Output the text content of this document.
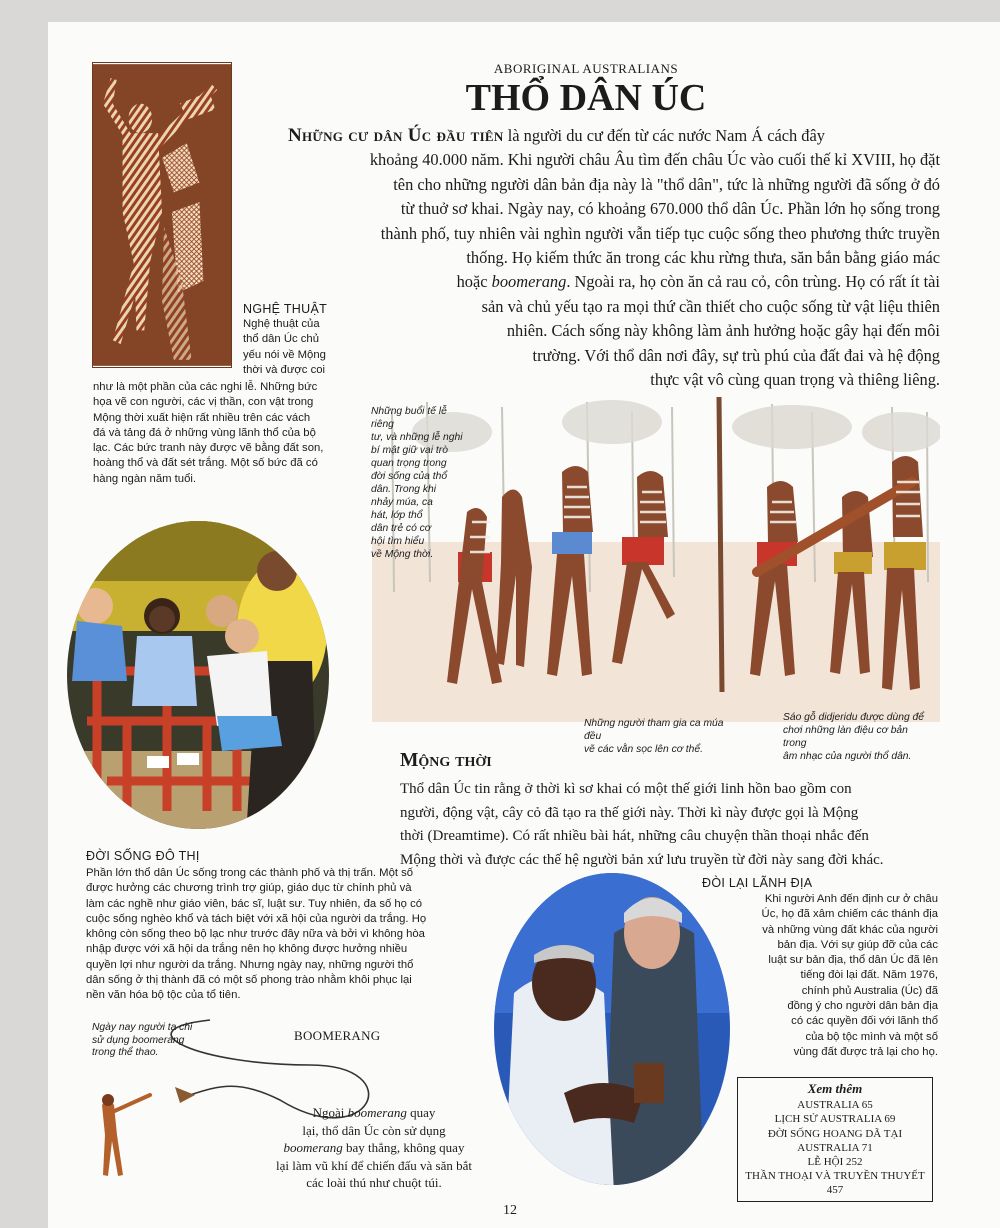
ABORIGINAL AUSTRALIANS
THỔ DÂN ÚC

Những cư dân Úc đầu tiên là người du cư đến từ các nước Nam Á cách đây

khoảng 40.000 năm. Khi người châu Âu tìm đến châu Úc vào cuối thế kỉ XVIII, họ đặt

tên cho những người dân bản địa này là "thổ dân", tức là những người đã sống ở đó

từ thuở sơ khai. Ngày nay, có khoảng 670.000 thổ dân Úc. Phần lớn họ sống trong

thành phố, tuy nhiên vài nghìn người vẫn tiếp tục cuộc sống theo phương thức truyền

thống. Họ kiếm thức ăn trong các khu rừng thưa, săn bắn bằng giáo mác

hoặc boomerang. Ngoài ra, họ còn ăn cả rau cỏ, côn trùng. Họ có rất ít tài

sản và chủ yếu tạo ra mọi thứ cần thiết cho cuộc sống từ vật liệu thiên

nhiên. Cách sống này không làm ảnh hưởng hoặc gây hại đến môi

trường. Với thổ dân nơi đây, sự trù phú của đất đai và hệ động

thực vật vô cùng quan trọng và thiêng liêng.

NGHỆ THUẬT
Nghệ thuật của
thổ dân Úc chủ
yếu nói về Mộng
thời và được coi
như là một phần của các nghi lễ. Những bức
họa vẽ con người, các vị thần, con vật trong
Mộng thời xuất hiện rất nhiều trên các vách
đá và tảng đá ở những vùng lãnh thổ của bộ
lạc. Các bức tranh này được vẽ bằng đất son,
hoàng thổ và đất sét trắng. Một số bức đã có
hàng ngàn năm tuổi.
Những buổi tế lễ riêng
tư, và những lễ nghi
bí mật giữ vai trò
quan trọng trong
đời sống của thổ
dân. Trong khi
nhảy múa, ca
hát, lớp thổ
dân trẻ có cơ
hội tìm hiểu
về Mộng thời.
Những người tham gia ca múa đều
vẽ các vằn sọc lên cơ thể.
Sáo gỗ didjeridu được dùng để
chơi những làn điệu cơ bản trong
âm nhạc của người thổ dân.
Mộng thời
Thổ dân Úc tin rằng ở thời kì sơ khai có một thế giới linh hồn bao gồm con
người, động vật, cây cỏ đã tạo ra thế giới này. Thời kì này được gọi là Mộng
thời (Dreamtime). Có rất nhiều bài hát, những câu chuyện thần thoại nhắc đến
Mộng thời và được các thế hệ người bản xứ lưu truyền từ đời này sang đời khác.
ĐỜI SỐNG ĐÔ THỊ
Phần lớn thổ dân Úc sống trong các thành phố và thị trấn. Một số
được hưởng các chương trình trợ giúp, giáo dục từ chính phủ và
làm các nghề như giáo viên, bác sĩ, luật sư. Tuy nhiên, đa số họ có
cuộc sống nghèo khổ và tách biệt với xã hội của người da trắng. Họ
không còn sống theo bộ lạc như trước đây nữa và bởi vì không hòa
nhập được với xã hội da trắng nên họ không được hưởng nhiều
quyền lợi như người da trắng. Nhưng ngày nay, những người thổ
dân sống ở thị thành đã có một số phong trào nhằm khôi phục lại
nền văn hóa bộ tộc của tổ tiên.
Ngày nay người ta chỉ
sử dụng boomerang
trong thể thao.
BOOMERANG
Ngoài boomerang quay
lại, thổ dân Úc còn sử dụng
boomerang bay thẳng, không quay
lại làm vũ khí để chiến đấu và săn bắt
các loài thú như chuột túi.
ĐÒI LẠI LÃNH ĐỊA
Khi người Anh đến định cư ở châu
Úc, họ đã xâm chiếm các thánh địa
và những vùng đất khác của người
bản địa. Với sự giúp đỡ của các
luật sư bản địa, thổ dân Úc đã lên
tiếng đòi lại đất. Năm 1976,
chính phủ Australia (Úc) đã
đồng ý cho người dân bản địa
có các quyền đối với lãnh thổ
của bộ tộc mình và một số
vùng đất được trả lại cho họ.
Xem thêm
AUSTRALIA 65
LỊCH SỬ AUSTRALIA 69
ĐỜI SỐNG HOANG DÃ TẠI AUSTRALIA 71
LỄ HỘI 252
THẦN THOẠI VÀ TRUYỀN THUYẾT 457
12
